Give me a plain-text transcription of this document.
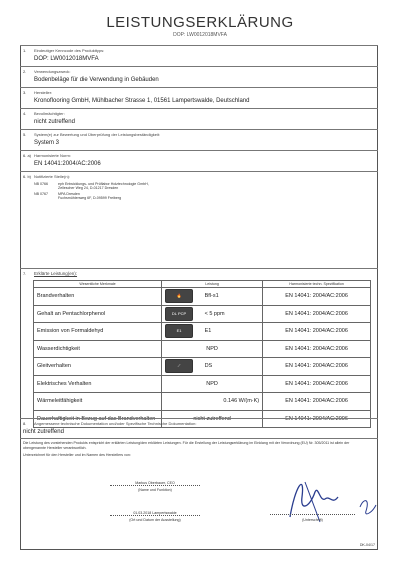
LEISTUNGSERKLÄRUNG
DOP: LW0012018MVFA
1. Eindeutiger Kenncode des Produkttyps:
DOP: LW0012018MVFA
2. Verwendungszweck:
Bodenbeläge für die Verwendung in Gebäuden
3. Hersteller:
Kronoflooring GmbH, Mühlbacher Strasse 1, 01561 Lampertswalde, Deutschland
4. Bevollmächtigter:
nicht zutreffend
5. System(e) zur Bewertung und Überprüfung der Leistungsbeständigkeit:
System 3
6. a) Harmonisierte Norm:
EN 14041:2004/AC:2006
6. b) Notifizierte Stelle(n):
NB 0766	eph Entwicklungs- und Prüflabor Holztechnologie GmbH,
Zellescher Weg 24, D-01217 Dresden
NB 0767	MPA Dresden
Fuchsmühlenweg 6F, D-09599 Freiberg
7. Erklärte Leistung(en):
Wesentliche Merkmale	Leistung	Harmonisierte techn. Spezifikation
Brandverhalten	🔥 Bfl-s1	EN 14041: 2004/AC:2006
Gehalt an Pentachlorphenol	DL PCP < 5 ppm	EN 14041: 2004/AC:2006
Emission von Formaldehyd	E1 E1	EN 14041: 2004/AC:2006
Wasserdichtigkeit	NPD	EN 14041: 2004/AC:2006
Gleitverhalten	⟋ DS	EN 14041: 2004/AC:2006
Elektrisches Verhalten	NPD	EN 14041: 2004/AC:2006
Wärmeleitfähigkeit	0.146 W/(m·K)	EN 14041: 2004/AC:2006
Dauerhaftigkeit in Bezug auf das Brandverhalten	nicht zutreffend	EN 14041: 2004/AC:2006
8. Angemessene technische Dokumentation und/oder Spezifische Technische Dokumentation:
nicht zutreffend
Die Leistung des vorstehenden Produkts entspricht der erklärten Leistung/den erklärten Leistungen. Für die Erstellung der Leistungserklärung im Einklang mit der Verordnung (EU) Nr. 305/2011 ist allein der obengenannte Hersteller verantwortlich.
Unterzeichnet für den Hersteller und im Namen des Herstellers von:
Markus Oberbauer, CEO
(Name und Funktion)
01.03.2018 Lampertswalde
(Ort und Datum der Ausstellung)	(Unterschrift)
DK-04/17
